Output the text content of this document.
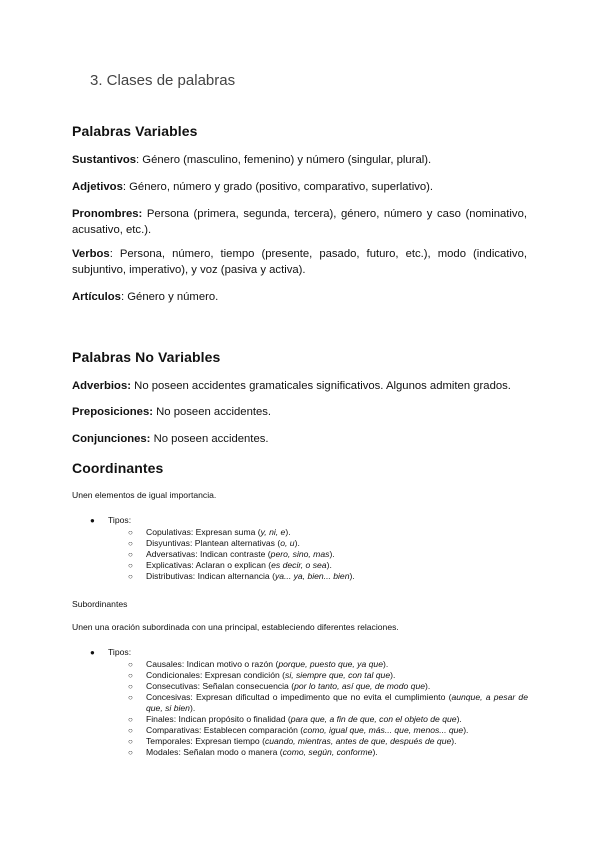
3. Clases de palabras
Palabras Variables
Sustantivos: Género (masculino, femenino) y número (singular, plural).
Adjetivos: Género, número y grado (positivo, comparativo, superlativo).
Pronombres: Persona (primera, segunda, tercera), género, número y caso (nominativo, acusativo, etc.).
Verbos: Persona, número, tiempo (presente, pasado, futuro, etc.), modo (indicativo, subjuntivo, imperativo), y voz (pasiva y activa).
Artículos: Género y número.
Palabras No Variables
Adverbios: No poseen accidentes gramaticales significativos. Algunos admiten grados.
Preposiciones: No poseen accidentes.
Conjunciones: No poseen accidentes.
Coordinantes
Unen elementos de igual importancia.
● Tipos:
○ Copulativas: Expresan suma (y, ni, e).
○ Disyuntivas: Plantean alternativas (o, u).
○ Adversativas: Indican contraste (pero, sino, mas).
○ Explicativas: Aclaran o explican (es decir, o sea).
○ Distributivas: Indican alternancia (ya... ya, bien... bien).
Subordinantes
Unen una oración subordinada con una principal, estableciendo diferentes relaciones.
● Tipos:
○ Causales: Indican motivo o razón (porque, puesto que, ya que).
○ Condicionales: Expresan condición (si, siempre que, con tal que).
○ Consecutivas: Señalan consecuencia (por lo tanto, así que, de modo que).
○ Concesivas: Expresan dificultad o impedimento que no evita el cumplimiento (aunque, a pesar de que, si bien).
○ Finales: Indican propósito o finalidad (para que, a fin de que, con el objeto de que).
○ Comparativas: Establecen comparación (como, igual que, más... que, menos... que).
○ Temporales: Expresan tiempo (cuando, mientras, antes de que, después de que).
○ Modales: Señalan modo o manera (como, según, conforme).
